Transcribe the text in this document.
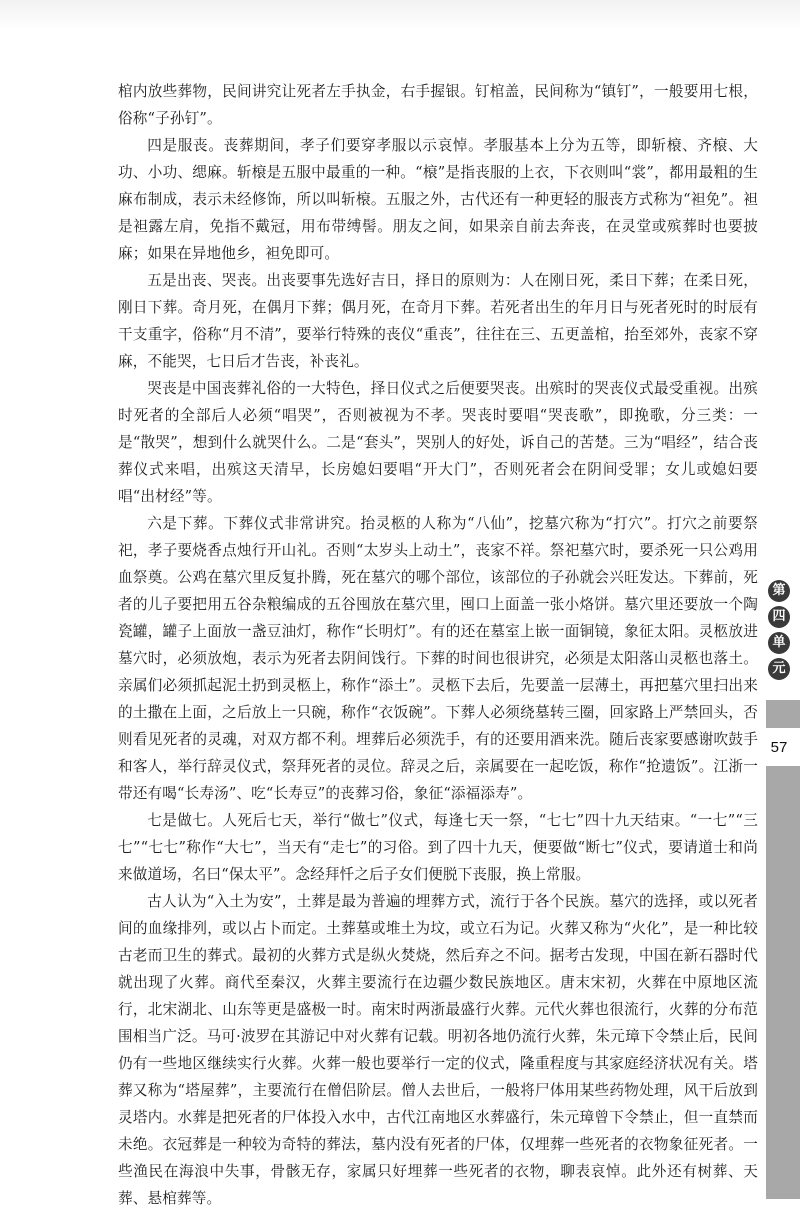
棺内放些葬物，民间讲究让死者左手执金，右手握银。钉棺盖，民间称为“镇钉”，一般要用七根，俗称“子孙钉”。

四是服丧。丧葬期间，孝子们要穿孝服以示哀悼。孝服基本上分为五等，即斩榱、齐榱、大功、小功、缌麻。斩榱是五服中最重的一种。“榱”是指丧服的上衣，下衣则叫“裳”，都用最粗的生麻布制成，表示未经修饰，所以叫斩榱。五服之外，古代还有一种更轻的服丧方式称为“袒免”。袒是袒露左肩，免指不戴冠，用布带缚髻。朋友之间，如果亲自前去奔丧，在灵堂或殡葬时也要披麻；如果在异地他乡，袒免即可。

五是出丧、哭丧。出丧要事先选好吉日，择日的原则为：人在刚日死，柔日下葬；在柔日死，刚日下葬。奇月死，在偶月下葬；偶月死，在奇月下葬。若死者出生的年月日与死者死时的时辰有干支重字，俗称“月不清”，要举行特殊的丧仪“重丧”，往往在三、五更盖棺，抬至郊外，丧家不穿麻，不能哭，七日后才告丧，补丧礼。

哭丧是中国丧葬礼俗的一大特色，择日仪式之后便要哭丧。出殡时的哭丧仪式最受重视。出殡时死者的全部后人必须“唱哭”，否则被视为不孝。哭丧时要唱“哭丧歌”，即挽歌，分三类：一是“散哭”，想到什么就哭什么。二是“套头”，哭别人的好处，诉自己的苦楚。三为“唱经”，结合丧葬仪式来唱，出殡这天清早，长房媳妇要唱“开大门”，否则死者会在阴间受罪；女儿或媳妇要唱“出材经”等。

六是下葬。下葬仪式非常讲究。抬灵柩的人称为“八仙”，挖墓穴称为“打穴”。打穴之前要祭祀，孝子要烧香点烛行开山礼。否则“太岁头上动土”，丧家不祥。祭祀墓穴时，要杀死一只公鸡用血祭奠。公鸡在墓穴里反复扑腾，死在墓穴的哪个部位，该部位的子孙就会兴旺发达。下葬前，死者的儿子要把用五谷杂粮编成的五谷囤放在墓穴里，囤口上面盖一张小烙饼。墓穴里还要放一个陶瓷罐，罐子上面放一盏豆油灯，称作“长明灯”。有的还在墓室上嵌一面铜镜，象征太阳。灵柩放进墓穴时，必须放炮，表示为死者去阴间饯行。下葬的时间也很讲究，必须是太阳落山灵柩也落土。亲属们必须抓起泥土扔到灵柩上，称作“添土”。灵柩下去后，先要盖一层薄土，再把墓穴里扫出来的土撒在上面，之后放上一只碗，称作“衣饭碗”。下葬人必须绕墓转三圈，回家路上严禁回头，否则看见死者的灵魂，对双方都不利。埋葬后必须洗手，有的还要用酒来洗。随后丧家要感谢吹鼓手和客人，举行辞灵仪式，祭拜死者的灵位。辞灵之后，亲属要在一起吃饭，称作“抢遗饭”。江浙一带还有喝“长寿汤”、吃“长寿豆”的丧葬习俗，象征“添福添寿”。

七是做七。人死后七天，举行“做七”仪式，每逢七天一祭，“七七”四十九天结束。“一七”“三七”“七七”称作“大七”，当天有“走七”的习俗。到了四十九天，便要做“断七”仪式，要请道士和尚来做道场，名曰“保太平”。念经拜忏之后子女们便脱下丧服，换上常服。

古人认为“入土为安”，土葬是最为普遍的埋葬方式，流行于各个民族。墓穴的选择，或以死者间的血缘排列，或以占卜而定。土葬墓或堆土为坟，或立石为记。火葬又称为“火化”，是一种比较古老而卫生的葬式。最初的火葬方式是纵火焚烧，然后弃之不问。据考古发现，中国在新石器时代就出现了火葬。商代至秦汉，火葬主要流行在边疆少数民族地区。唐末宋初，火葬在中原地区流行，北宋湖北、山东等更是盛极一时。南宋时两浙最盛行火葬。元代火葬也很流行，火葬的分布范围相当广泛。马可·波罗在其游记中对火葬有记载。明初各地仍流行火葬，朱元璋下令禁止后，民间仍有一些地区继续实行火葬。火葬一般也要举行一定的仪式，隆重程度与其家庭经济状况有关。塔葬又称为“塔屋葬”，主要流行在僧侣阶层。僧人去世后，一般将尸体用某些药物处理，风干后放到灵塔内。水葬是把死者的尸体投入水中，古代江南地区水葬盛行，朱元璋曾下令禁止，但一直禁而未绝。衣冠葬是一种较为奇特的葬法，墓内没有死者的尸体，仅埋葬一些死者的衣物象征死者。一些渔民在海浪中失事，骨骸无存，家属只好埋葬一些死者的衣物，聊表哀悼。此外还有树葬、天葬、悬棺葬等。

第
四
单
元
57
